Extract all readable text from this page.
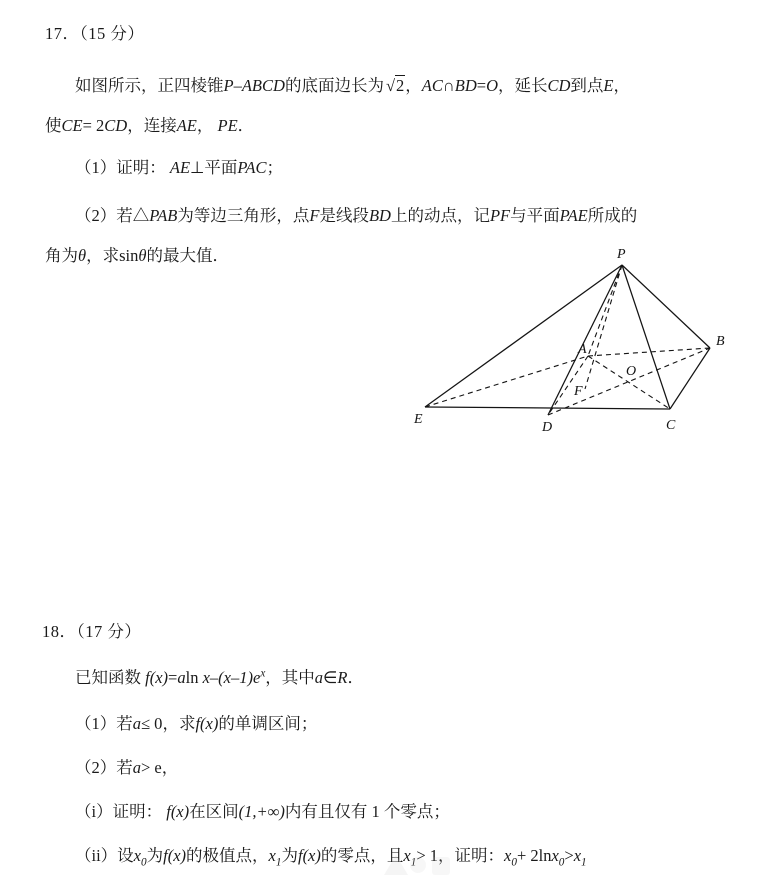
17．（15 分）
如图所示，正四棱锥P–ABCD的底面边长为 √2，AC∩BD=O，延长CD到点E，
使CE= 2CD，连接AE， PE．
（1）证明： AE⊥平面PAC；
（2）若△PAB为等边三角形，点F是线段BD上的动点，记PF与平面PAE所成的
角为θ，求sinθ的最大值．	P
A
B
O
F
E
D	C
18．（17 分）
已知函数 f(x)=aln $x-(x-1)e^x$，其中a∈R．
（1）若a≤ 0，求f(x)的单调区间；
（2）若a> e，
（i）证明： f(x)在区间(1,+∞)内有且仅有 1 个零点；
（ii）设$x_0$为f(x)的极值点，$x_1$为f(x)的零点，且$x_1> 1$，证明：$x_0+ 2\ln x_0>x_1$
